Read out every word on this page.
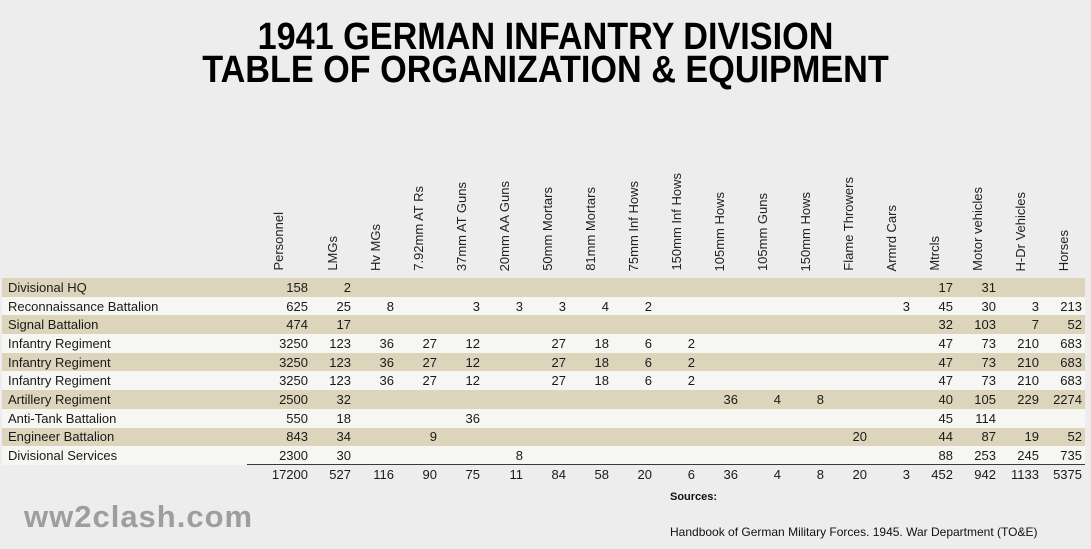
1941 GERMAN INFANTRY DIVISION
TABLE OF ORGANIZATION & EQUIPMENT
	Personnel	LMGs	Hv MGs	7.92mm AT Rs	37mm AT Guns	20mm AA Guns	50mm Mortars	81mm Mortars	75mm Inf Hows	150mm Inf Hows	105mm Hows	105mm Guns	150mm Hows	Flame Throwers	Armrd Cars	Mtrcls	Motor vehicles	H-Dr Vehicles	Horses
Divisional HQ	158	2														17	31		
Reconnaissance Battalion	625	25	8		3	3	3	4	2						3	45	30	3	213
Signal Battalion	474	17														32	103	7	52
Infantry Regiment	3250	123	36	27	12		27	18	6	2						47	73	210	683
Infantry Regiment	3250	123	36	27	12		27	18	6	2						47	73	210	683
Infantry Regiment	3250	123	36	27	12		27	18	6	2						47	73	210	683
Artillery Regiment	2500	32									36	4	8			40	105	229	2274
Anti-Tank Battalion	550	18			36											45	114		
Engineer Battalion	843	34		9										20		44	87	19	52
Divisional Services	2300	30				8										88	253	245	735
	17200	527	116	90	75	11	84	58	20	6	36	4	8	20	3	452	942	1133	5375
ww2clash.com
Sources:
Handbook of German Military Forces. 1945. War Department (TO&E)
